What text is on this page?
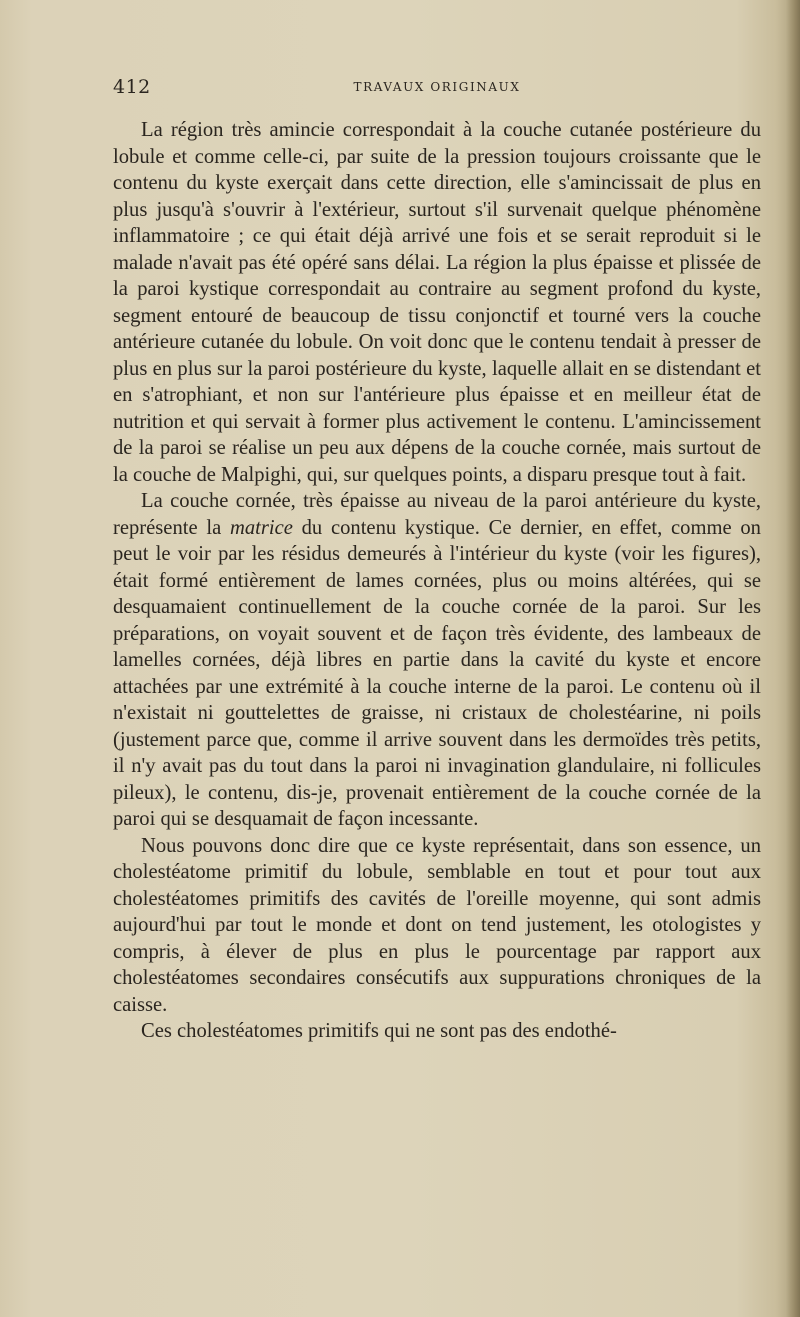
412	TRAVAUX ORIGINAUX

La région très amincie correspondait à la couche cutanée postérieure du lobule et comme celle-ci, par suite de la pression toujours croissante que le contenu du kyste exerçait dans cette direction, elle s'amincissait de plus en plus jusqu'à s'ouvrir à l'extérieur, surtout s'il survenait quelque phénomène inflammatoire ; ce qui était déjà arrivé une fois et se serait reproduit si le malade n'avait pas été opéré sans délai. La région la plus épaisse et plissée de la paroi kystique correspondait au contraire au segment profond du kyste, segment entouré de beaucoup de tissu conjonctif et tourné vers la couche antérieure cutanée du lobule. On voit donc que le contenu tendait à presser de plus en plus sur la paroi postérieure du kyste, laquelle allait en se distendant et en s'atrophiant, et non sur l'antérieure plus épaisse et en meilleur état de nutrition et qui servait à former plus activement le contenu. L'amincissement de la paroi se réalise un peu aux dépens de la couche cornée, mais surtout de la couche de Malpighi, qui, sur quelques points, a disparu presque tout à fait.

La couche cornée, très épaisse au niveau de la paroi antérieure du kyste, représente la matrice du contenu kystique. Ce dernier, en effet, comme on peut le voir par les résidus demeurés à l'intérieur du kyste (voir les figures), était formé entièrement de lames cornées, plus ou moins altérées, qui se desquamaient continuellement de la couche cornée de la paroi. Sur les préparations, on voyait souvent et de façon très évidente, des lambeaux de lamelles cornées, déjà libres en partie dans la cavité du kyste et encore attachées par une extrémité à la couche interne de la paroi. Le contenu où il n'existait ni gouttelettes de graisse, ni cristaux de cholestéarine, ni poils (justement parce que, comme il arrive souvent dans les dermoïdes très petits, il n'y avait pas du tout dans la paroi ni invagination glandulaire, ni follicules pileux), le contenu, dis-je, provenait entièrement de la couche cornée de la paroi qui se desquamait de façon incessante.

Nous pouvons donc dire que ce kyste représentait, dans son essence, un cholestéatome primitif du lobule, semblable en tout et pour tout aux cholestéatomes primitifs des cavités de l'oreille moyenne, qui sont admis aujourd'hui par tout le monde et dont on tend justement, les otologistes y compris, à élever de plus en plus le pourcentage par rapport aux cholestéatomes secondaires consécutifs aux suppurations chroniques de la caisse.

Ces cholestéatomes primitifs qui ne sont pas des endothé-
